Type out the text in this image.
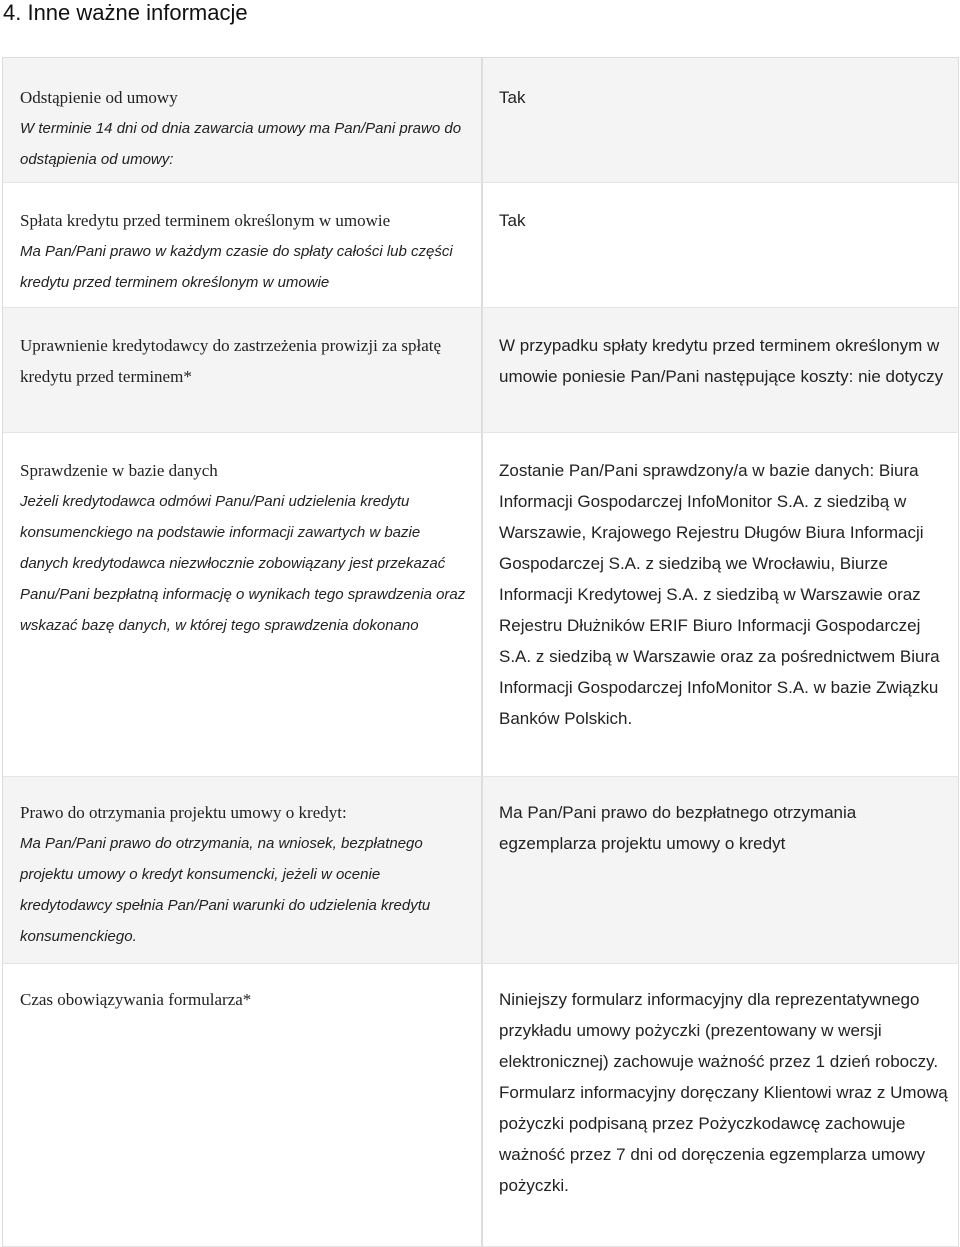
4. Inne ważne informacje
Odstąpienie od umowy
W terminie 14 dni od dnia zawarcia umowy ma Pan/Pani prawo do odstąpienia od umowy:
Tak
Spłata kredytu przed terminem określonym w umowie
Ma Pan/Pani prawo w każdym czasie do spłaty całości lub części kredytu przed terminem określonym w umowie
Tak
Uprawnienie kredytodawcy do zastrzeżenia prowizji za spłatę kredytu przed terminem*
W przypadku spłaty kredytu przed terminem określonym w umowie poniesie Pan/Pani następujące koszty: nie dotyczy
Sprawdzenie w bazie danych
Jeżeli kredytodawca odmówi Panu/Pani udzielenia kredytu konsumenckiego na podstawie informacji zawartych w bazie danych kredytodawca niezwłocznie zobowiązany jest przekazać Panu/Pani bezpłatną informację o wynikach tego sprawdzenia oraz wskazać bazę danych, w której tego sprawdzenia dokonano
Zostanie Pan/Pani sprawdzony/a w bazie danych: Biura Informacji Gospodarczej InfoMonitor S.A. z siedzibą w Warszawie, Krajowego Rejestru Długów Biura Informacji Gospodarczej S.A. z siedzibą we Wrocławiu, Biurze Informacji Kredytowej S.A. z siedzibą w Warszawie oraz Rejestru Dłużników ERIF Biuro Informacji Gospodarczej S.A. z siedzibą w Warszawie oraz za pośrednictwem Biura Informacji Gospodarczej InfoMonitor S.A. w bazie Związku Banków Polskich.
Prawo do otrzymania projektu umowy o kredyt:
Ma Pan/Pani prawo do otrzymania, na wniosek, bezpłatnego projektu umowy o kredyt konsumencki, jeżeli w ocenie kredytodawcy spełnia Pan/Pani warunki do udzielenia kredytu konsumenckiego.
Ma Pan/Pani prawo do bezpłatnego otrzymania egzemplarza projektu umowy o kredyt
Czas obowiązywania formularza*	Niniejszy formularz informacyjny dla reprezentatywnego przykładu umowy pożyczki (prezentowany w wersji elektronicznej) zachowuje ważność przez 1 dzień roboczy.
Formularz informacyjny doręczany Klientowi wraz z Umową pożyczki podpisaną przez Pożyczkodawcę zachowuje ważność przez 7 dni od doręczenia egzemplarza umowy pożyczki.
